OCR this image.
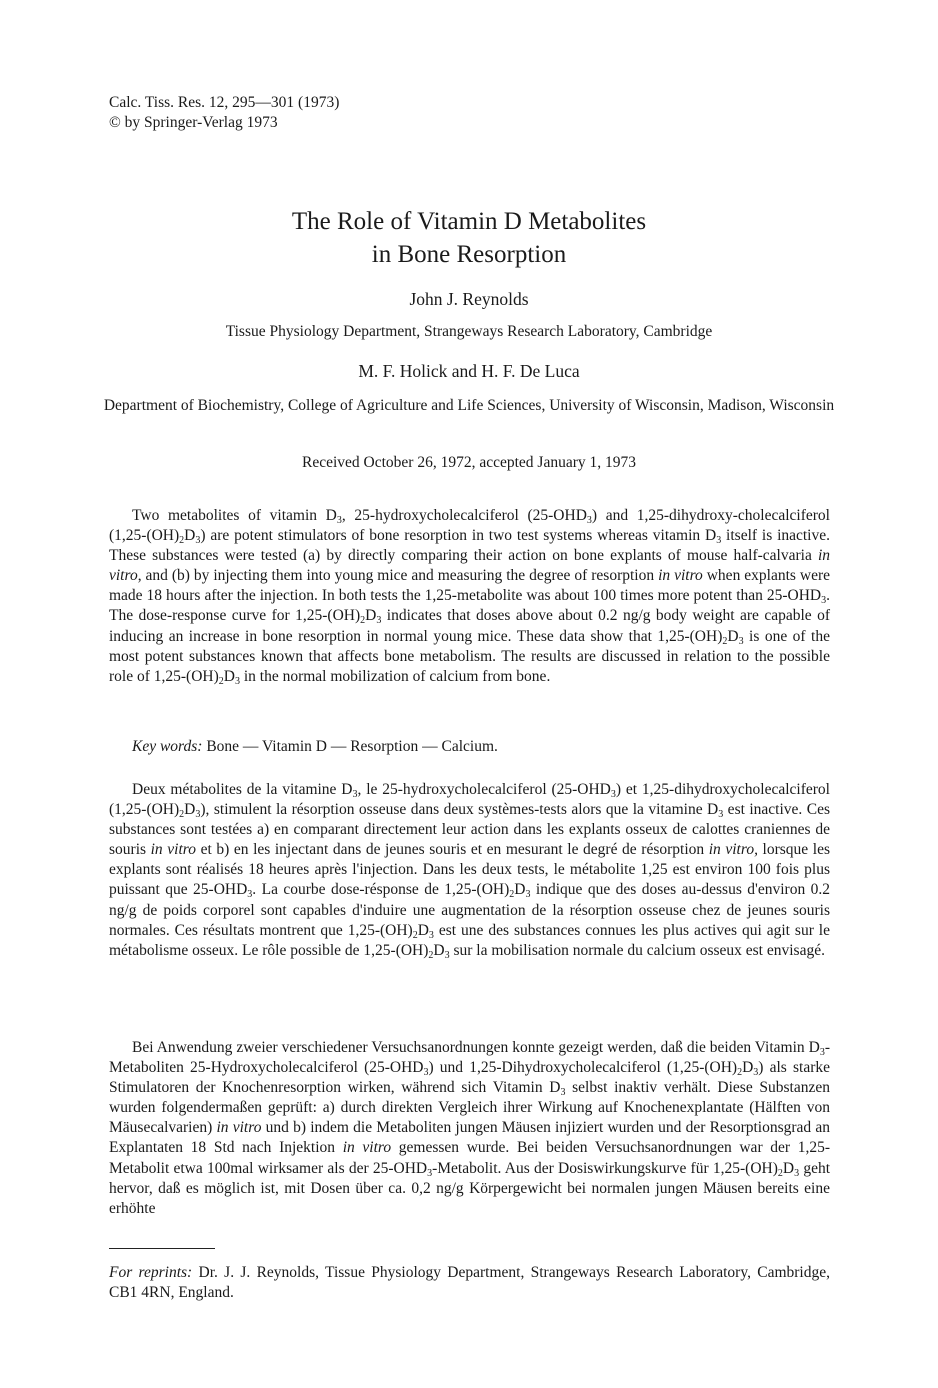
Calc. Tiss. Res. 12, 295—301 (1973)
© by Springer-Verlag 1973
The Role of Vitamin D Metabolites
in Bone Resorption
John J. Reynolds
Tissue Physiology Department, Strangeways Research Laboratory, Cambridge
M. F. Holick and H. F. De Luca
Department of Biochemistry, College of Agriculture and Life Sciences, University of Wisconsin, Madison, Wisconsin
Received October 26, 1972, accepted January 1, 1973

Two metabolites of vitamin $D_3$, 25-hydroxycholecalciferol $(25-OHD_3)$ and 1,25-dihydroxy-cholecalciferol $(1,25-(OH)_2D_3)$ are potent stimulators of bone resorption in two test systems whereas vitamin $D_3$ itself is inactive. These substances were tested (a) by directly comparing their action on bone explants of mouse half-calvaria in vitro, and (b) by injecting them into young mice and measuring the degree of resorption in vitro when explants were made 18 hours after the injection. In both tests the 1,25-metabolite was about 100 times more potent than $25-OHD_3$. The dose-response curve for $1,25-(OH)_2D_3$ indicates that doses above about 0.2 ng/g body weight are capable of inducing an increase in bone resorption in normal young mice. These data show that $1,25-(OH)_2D_3$ is one of the most potent substances known that affects bone metabolism. The results are discussed in relation to the possible role of $1,25-(OH)_2D_3$ in the normal mobilization of calcium from bone.

Key words: Bone — Vitamin D — Resorption — Calcium.

Deux métabolites de la vitamine $D_3$, le 25-hydroxycholecalciferol $(25-OHD_3)$ et 1,25-dihydroxycholecalciferol $(1,25-(OH)_2D_3)$, stimulent la résorption osseuse dans deux systèmes-tests alors que la vitamine $D_3$ est inactive. Ces substances sont testées a) en comparant directement leur action dans les explants osseux de calottes craniennes de souris in vitro et b) en les injectant dans de jeunes souris et en mesurant le degré de résorption in vitro, lorsque les explants sont réalisés 18 heures après l'injection. Dans les deux tests, le métabolite 1,25 est environ 100 fois plus puissant que $25-OHD_3$. La courbe dose-résponse de $1,25-(OH)_2D_3$ indique que des doses au-dessus d'environ 0.2 ng/g de poids corporel sont capables d'induire une augmentation de la résorption osseuse chez de jeunes souris normales. Ces résultats montrent que $1,25-(OH)_2D_3$ est une des substances connues les plus actives qui agit sur le métabolisme osseux. Le rôle possible de $1,25-(OH)_2D_3$ sur la mobilisation normale du calcium osseux est envisagé.

Bei Anwendung zweier verschiedener Versuchsanordnungen konnte gezeigt werden, daß die beiden Vitamin $D_3$-Metaboliten 25-Hydroxycholecalciferol $(25-OHD_3)$ und 1,25-Dihydroxycholecalciferol $(1,25-(OH)_2D_3)$ als starke Stimulatoren der Knochenresorption wirken, während sich Vitamin $D_3$ selbst inaktiv verhält. Diese Substanzen wurden folgendermaßen geprüft: a) durch direkten Vergleich ihrer Wirkung auf Knochenexplantate (Hälften von Mäusecalvarien) in vitro und b) indem die Metaboliten jungen Mäusen injiziert wurden und der Resorptionsgrad an Explantaten 18 Std nach Injektion in vitro gemessen wurde. Bei beiden Versuchsanordnungen war der 1,25-Metabolit etwa 100mal wirksamer als der $25-OHD_3$-Metabolit. Aus der Dosiswirkungskurve für $1,25-(OH)_2D_3$ geht hervor, daß es möglich ist, mit Dosen über ca. 0,2 ng/g Körpergewicht bei normalen jungen Mäusen bereits eine erhöhte

For reprints: Dr. J. J. Reynolds, Tissue Physiology Department, Strangeways Research Laboratory, Cambridge, CB1 4RN, England.
